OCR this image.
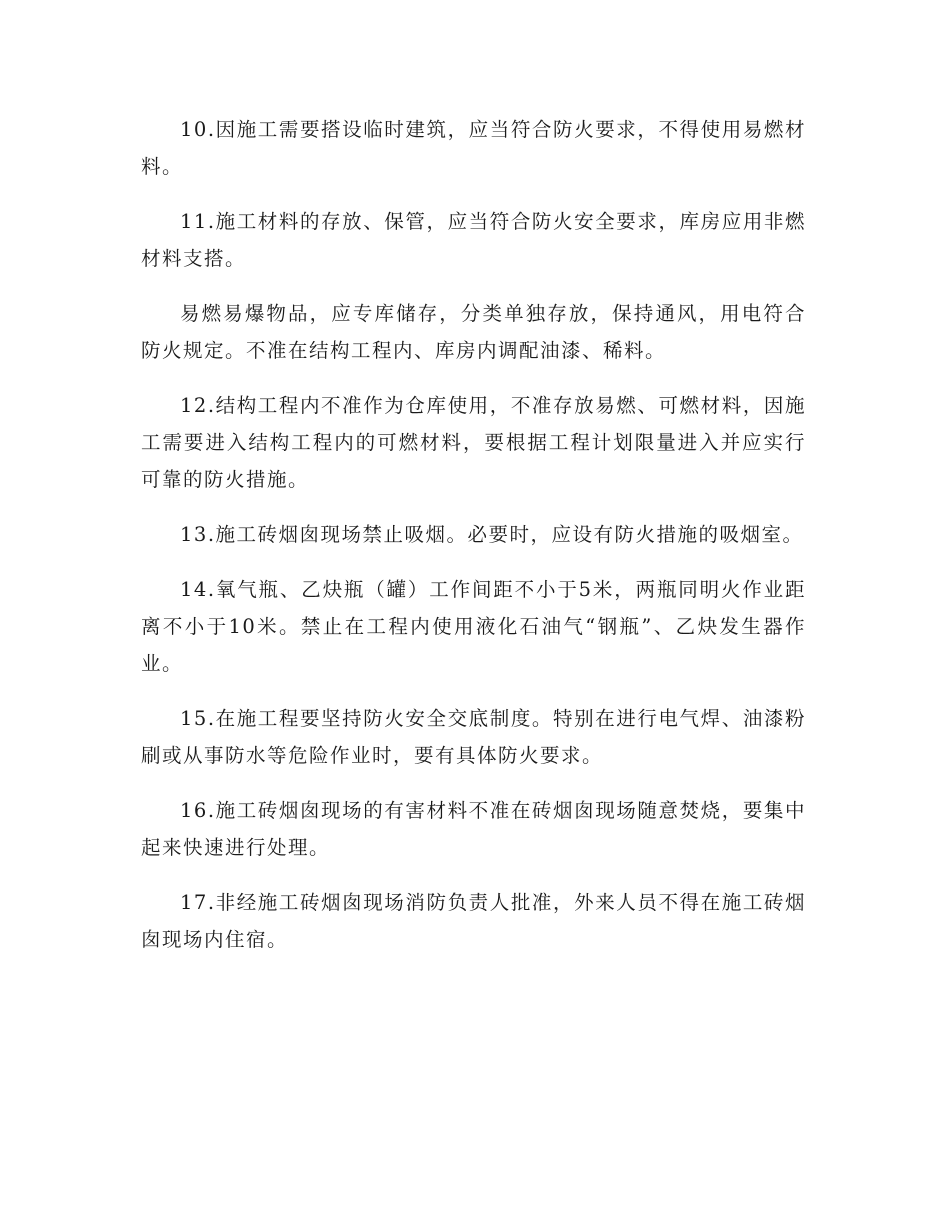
10.因施工需要搭设临时建筑，应当符合防火要求，不得使用易燃材料。

11.施工材料的存放、保管，应当符合防火安全要求，库房应用非燃材料支搭。

易燃易爆物品，应专库储存，分类单独存放，保持通风，用电符合防火规定。不准在结构工程内、库房内调配油漆、稀料。

12.结构工程内不准作为仓库使用，不准存放易燃、可燃材料，因施工需要进入结构工程内的可燃材料，要根据工程计划限量进入并应实行可靠的防火措施。

13.施工砖烟囱现场禁止吸烟。必要时，应设有防火措施的吸烟室。

14.氧气瓶、乙炔瓶（罐）工作间距不小于5米，两瓶同明火作业距离不小于10米。禁止在工程内使用液化石油气“钢瓶”、乙炔发生器作业。

15.在施工程要坚持防火安全交底制度。特别在进行电气焊、油漆粉刷或从事防水等危险作业时，要有具体防火要求。

16.施工砖烟囱现场的有害材料不准在砖烟囱现场随意焚烧，要集中起来快速进行处理。

17.非经施工砖烟囱现场消防负责人批准，外来人员不得在施工砖烟囱现场内住宿。
